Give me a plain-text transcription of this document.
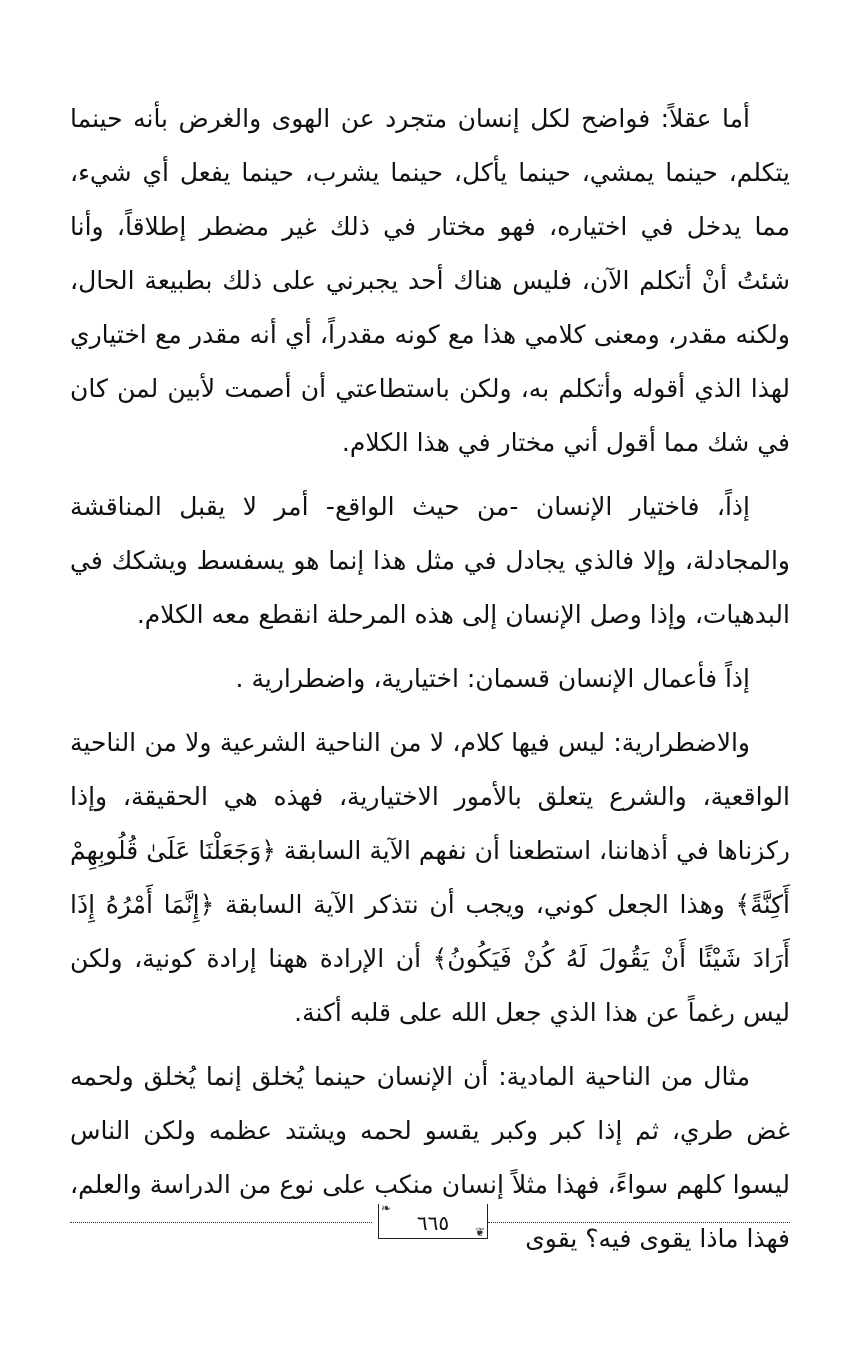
أما عقلاً: فواضح لكل إنسان متجرد عن الهوى والغرض بأنه حينما يتكلم، حينما يمشي، حينما يأكل، حينما يشرب، حينما يفعل أي شيء، مما يدخل في اختياره، فهو مختار في ذلك غير مضطر إطلاقاً، وأنا شئتُ أنْ أتكلم الآن، فليس هناك أحد يجبرني على ذلك بطبيعة الحال، ولكنه مقدر، ومعنى كلامي هذا مع كونه مقدراً، أي أنه مقدر مع اختياري لهذا الذي أقوله وأتكلم به، ولكن باستطاعتي أن أصمت لأبين لمن كان في شك مما أقول أني مختار في هذا الكلام.

إذاً، فاختيار الإنسان -من حيث الواقع- أمر لا يقبل المناقشة والمجادلة، وإلا فالذي يجادل في مثل هذا إنما هو يسفسط ويشكك في البدهيات، وإذا وصل الإنسان إلى هذه المرحلة انقطع معه الكلام.

إذاً فأعمال الإنسان قسمان: اختيارية، واضطرارية .

والاضطرارية: ليس فيها كلام، لا من الناحية الشرعية ولا من الناحية الواقعية، والشرع يتعلق بالأمور الاختيارية، فهذه هي الحقيقة، وإذا ركزناها في أذهاننا، استطعنا أن نفهم الآية السابقة ﴿وَجَعَلْنَا عَلَىٰ قُلُوبِهِمْ أَكِنَّةً﴾ وهذا الجعل كوني، ويجب أن نتذكر الآية السابقة ﴿إِنَّمَا أَمْرُهُ إِذَا أَرَادَ شَيْئًا أَنْ يَقُولَ لَهُ كُنْ فَيَكُونُ﴾ أن الإرادة ههنا إرادة كونية، ولكن ليس رغماً عن هذا الذي جعل الله على قلبه أكنة.

مثال من الناحية المادية: أن الإنسان حينما يُخلق إنما يُخلق ولحمه غض طري، ثم إذا كبر وكبر يقسو لحمه ويشتد عظمه ولكن الناس ليسوا كلهم سواءً، فهذا مثلاً إنسان منكب على نوع من الدراسة والعلم، فهذا ماذا يقوى فيه؟ يقوى

❧
❦
٦٦٥
